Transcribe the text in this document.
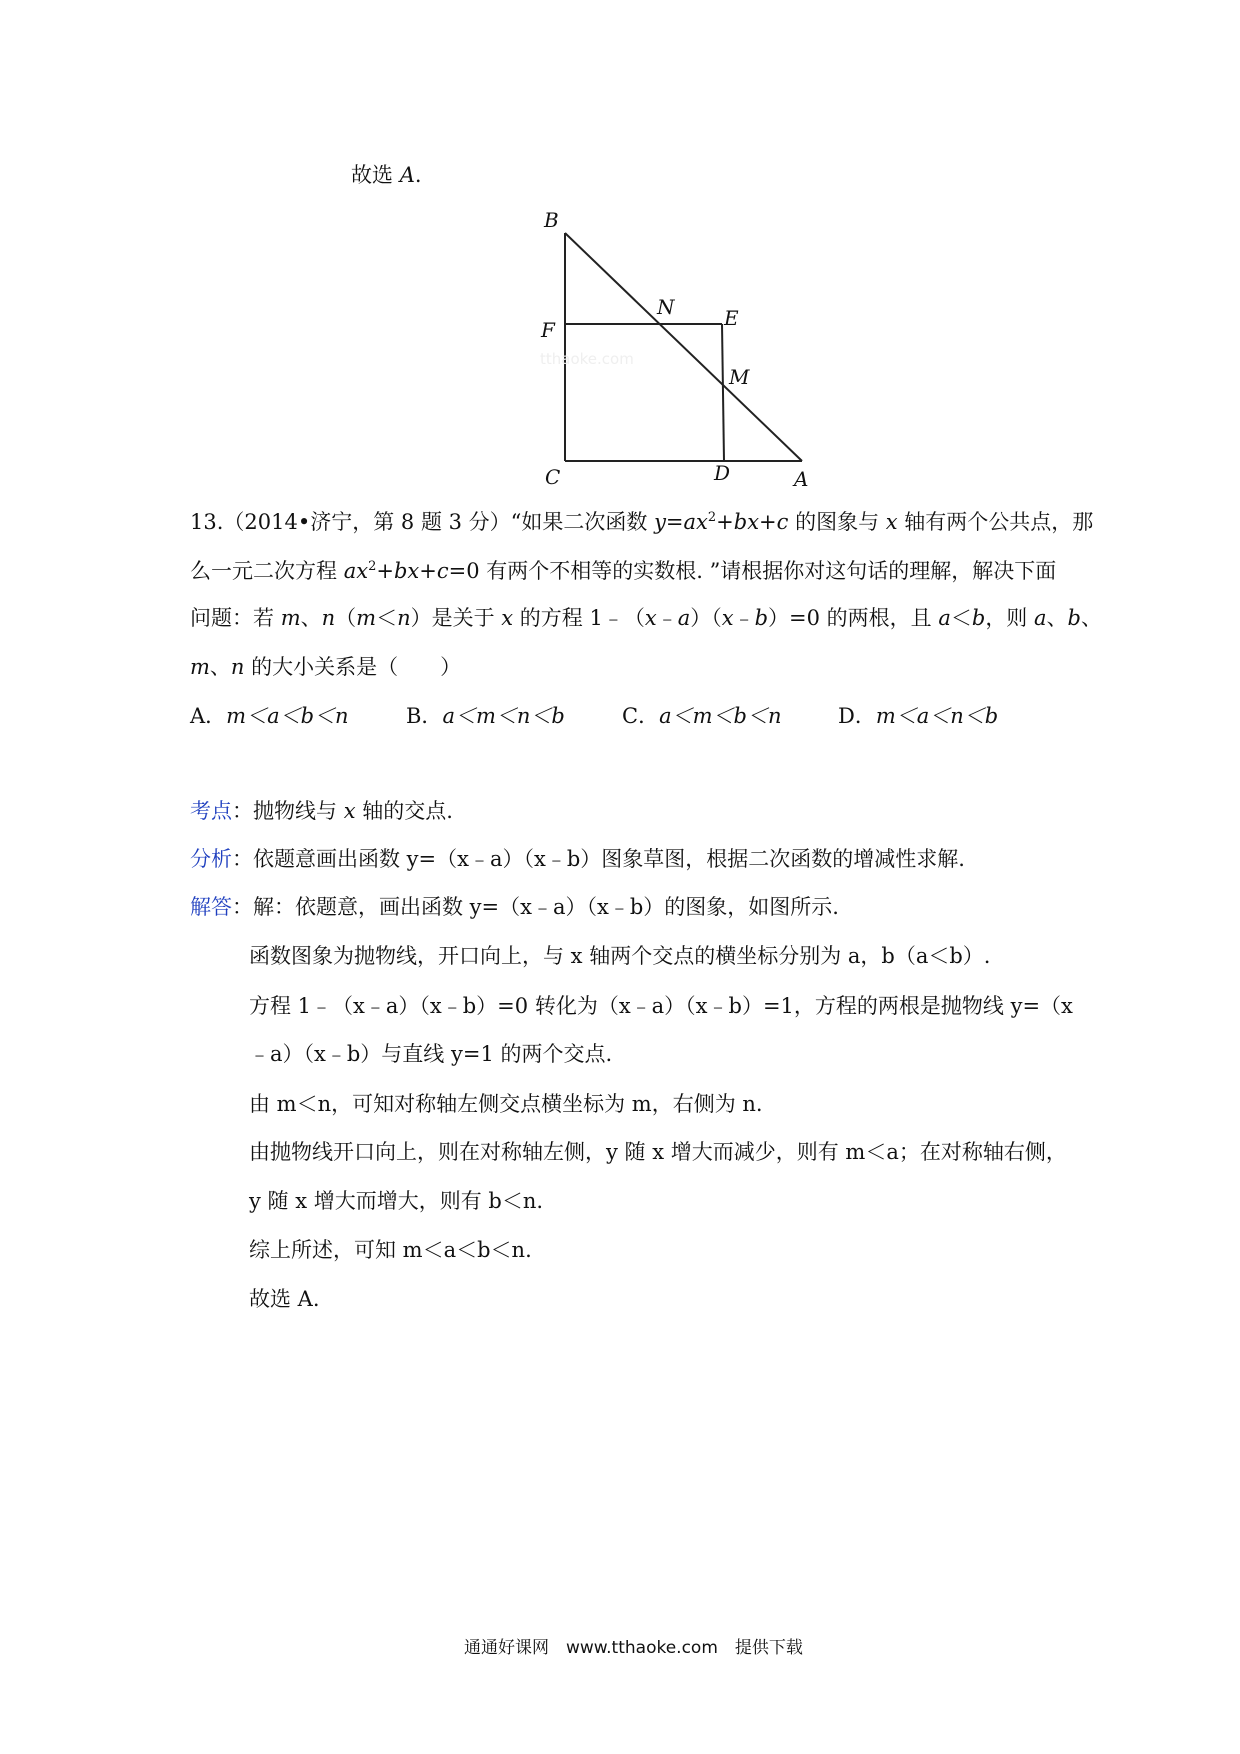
故选 A.
B
N E
F
M
C	D	A
tthaoke.com
13.（2014•济宁，第 8 题 3 分）“如果二次函数 $y=ax^2+bx+c$ 的图象与 x 轴有两个公共点，那
么一元二次方程 $ax^2+bx+c=0$ 有两个不相等的实数根. ”请根据你对这句话的理解，解决下面
问题：若 m、n（m＜n）是关于 x 的方程 1﹣（x﹣a）（x﹣b）=0 的两根，且 a＜b，则 a、b、
m、n 的大小关系是（　　）
A．m＜a＜b＜n	B．a＜m＜n＜b	C．a＜m＜b＜n	D．m＜a＜n＜b
考点：抛物线与 x 轴的交点.
分析：依题意画出函数 y=（x﹣a）（x﹣b）图象草图，根据二次函数的增减性求解.
解答：解：依题意，画出函数 y=（x﹣a）（x﹣b）的图象，如图所示.
函数图象为抛物线，开口向上，与 x 轴两个交点的横坐标分别为 a，b（a＜b）.
方程 1﹣（x﹣a）（x﹣b）=0 转化为（x﹣a）（x﹣b）=1，方程的两根是抛物线 y=（x
﹣a）（x﹣b）与直线 y=1 的两个交点.
由 m＜n，可知对称轴左侧交点横坐标为 m，右侧为 n.
由抛物线开口向上，则在对称轴左侧，y 随 x 增大而减少，则有 m＜a；在对称轴右侧，
y 随 x 增大而增大，则有 b＜n.
综上所述，可知 m＜a＜b＜n.
故选 A.
通通好课网　www.tthaoke.com　提供下载
